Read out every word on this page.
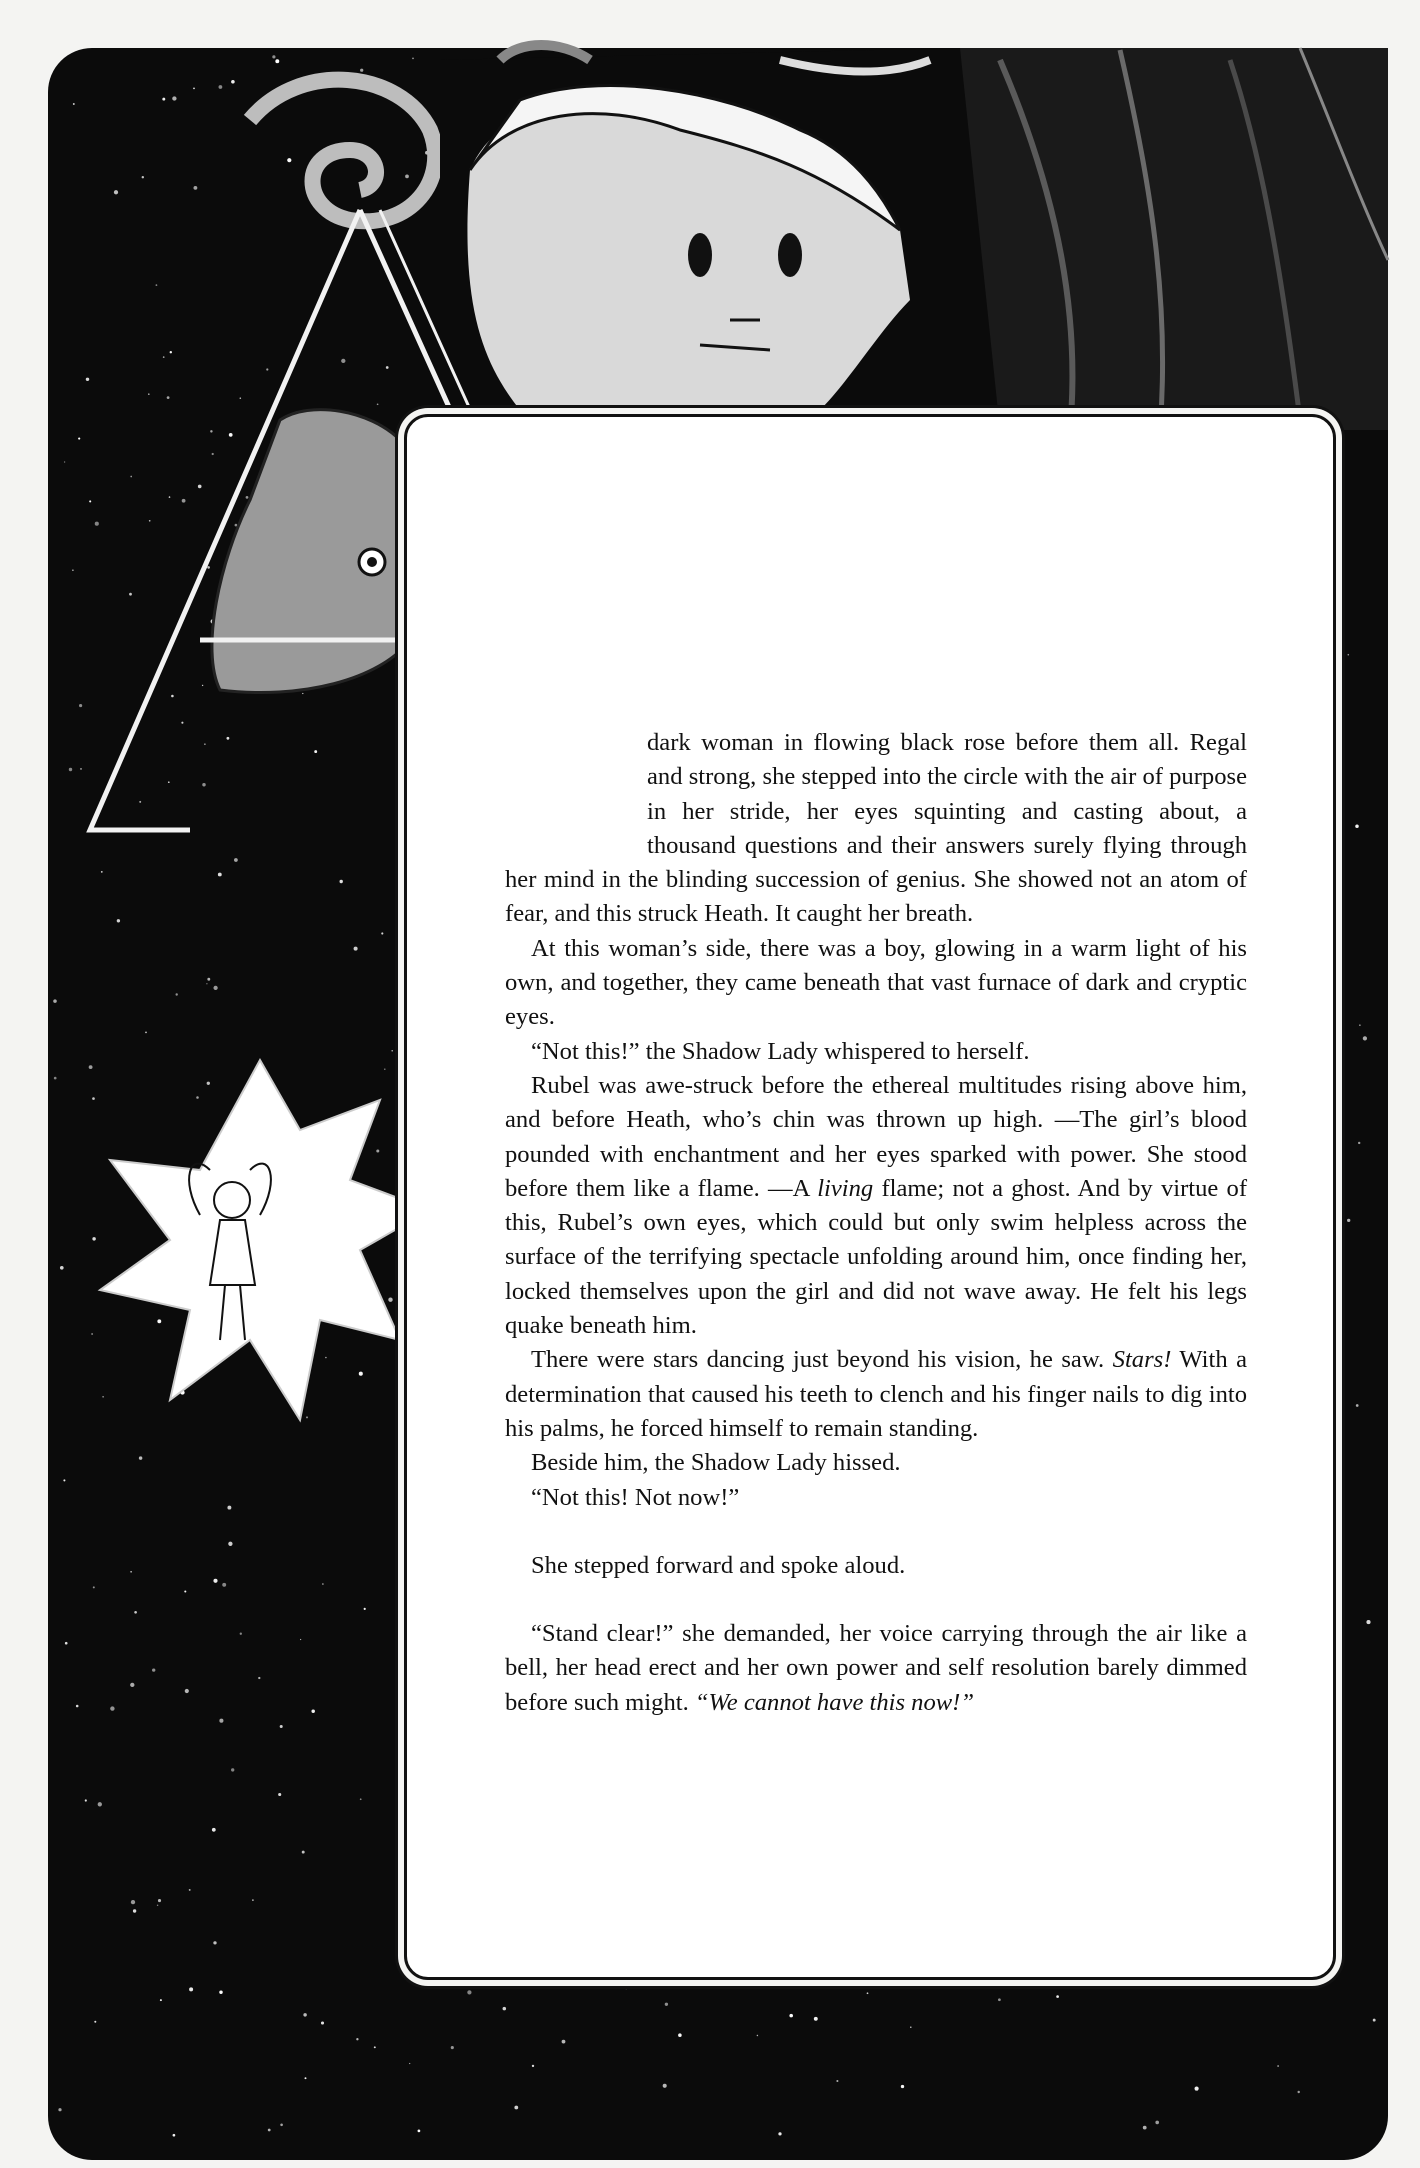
dark woman in flowing black rose before them all. Regal and strong, she stepped into the circle with the air of purpose in her stride, her eyes squinting and casting about, a thousand questions and their answers surely flying through her mind in the blinding succession of genius. She showed not an atom of fear, and this struck Heath. It caught her breath.

At this woman’s side, there was a boy, glowing in a warm light of his own, and together, they came beneath that vast furnace of dark and cryptic eyes.

“Not this!” the Shadow Lady whispered to herself.

Rubel was awe-struck before the ethereal multitudes rising above him, and before Heath, who’s chin was thrown up high. —The girl’s blood pounded with enchantment and her eyes sparked with power. She stood before them like a flame. —A living flame; not a ghost. And by virtue of this, Rubel’s own eyes, which could but only swim helpless across the surface of the terrifying spectacle unfolding around him, once finding her, locked themselves upon the girl and did not wave away. He felt his legs quake beneath him.

There were stars dancing just beyond his vision, he saw. Stars! With a determination that caused his teeth to clench and his finger nails to dig into his palms, he forced himself to remain standing.

Beside him, the Shadow Lady hissed.

“Not this! Not now!”

She stepped forward and spoke aloud.

“Stand clear!” she demanded, her voice carrying through the air like a bell, her head erect and her own power and self resolution barely dimmed before such might. “We cannot have this now!”
